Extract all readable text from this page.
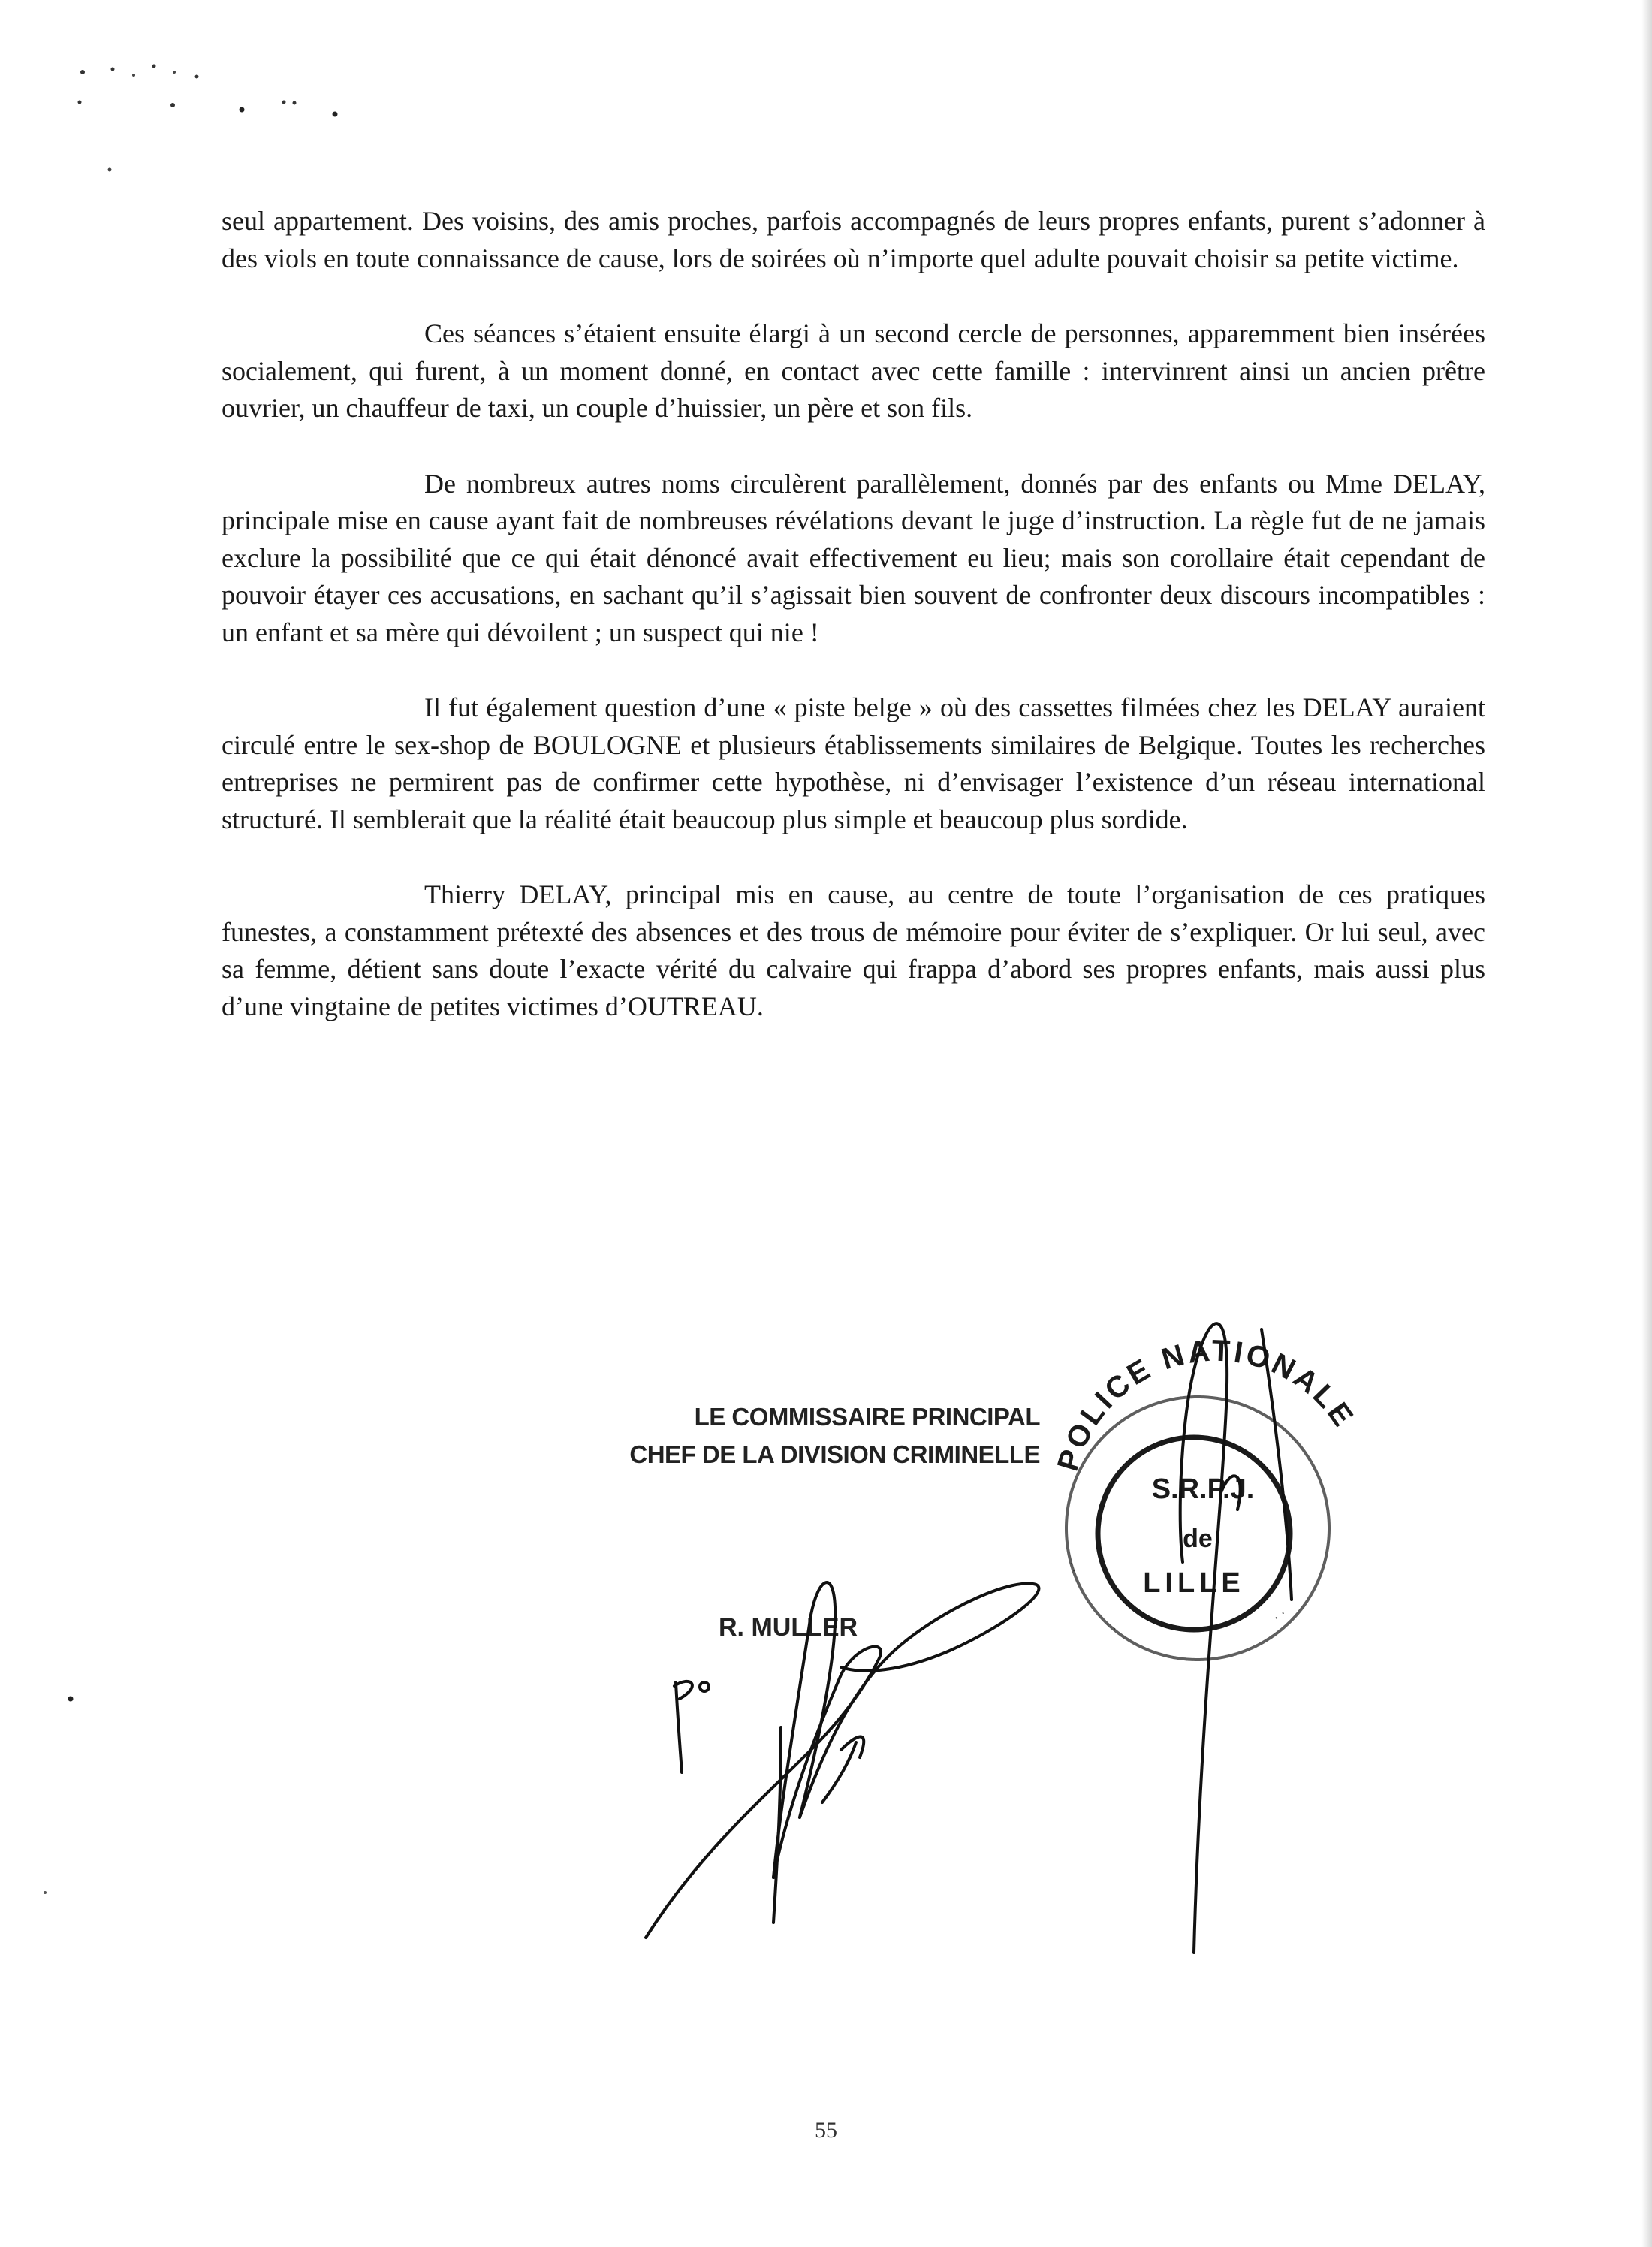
seul appartement. Des voisins, des amis proches, parfois accompagnés de leurs propres enfants, purent s’adonner à des viols en toute connaissance de cause, lors de soirées où n’importe quel adulte pouvait choisir sa petite victime.

Ces séances s’étaient ensuite élargi à un second cercle de personnes, apparemment bien insérées socialement, qui furent, à un moment donné, en contact avec cette famille : intervinrent ainsi un ancien prêtre ouvrier, un chauffeur de taxi, un couple d’huissier, un père et son fils.

De nombreux autres noms circulèrent parallèlement, donnés par des enfants ou Mme DELAY, principale mise en cause ayant fait de nombreuses révélations devant le juge d’instruction. La règle fut de ne jamais exclure la possibilité que ce qui était dénoncé avait effectivement eu lieu; mais son corollaire était cependant de pouvoir étayer ces accusations, en sachant qu’il s’agissait bien souvent de confronter deux discours incompatibles : un enfant et sa mère qui dévoilent ; un suspect qui nie !

Il fut également question d’une « piste belge » où des cassettes filmées chez les DELAY auraient circulé entre le sex-shop de BOULOGNE et plusieurs établissements similaires de Belgique. Toutes les recherches entreprises ne permirent pas de confirmer cette hypothèse, ni d’envisager l’existence d’un réseau international structuré. Il semblerait que la réalité était beaucoup plus simple et beaucoup plus sordide.

Thierry DELAY, principal mis en cause, au centre de toute l’organisation de ces pratiques funestes, a constamment prétexté des absences et des trous de mémoire pour éviter de s’expliquer. Or lui seul, avec sa femme, détient sans doute l’exacte vérité du calvaire qui frappa d’abord ses propres enfants, mais aussi plus d’une vingtaine de petites victimes d’OUTREAU.

LE COMMISSAIRE PRINCIPAL
CHEF DE LA DIVISION CRIMINELLE
R. MULLER
POLICE NATIONALE
S.R.P.J.
de
LILLE
. .
· ·
· ·
55
